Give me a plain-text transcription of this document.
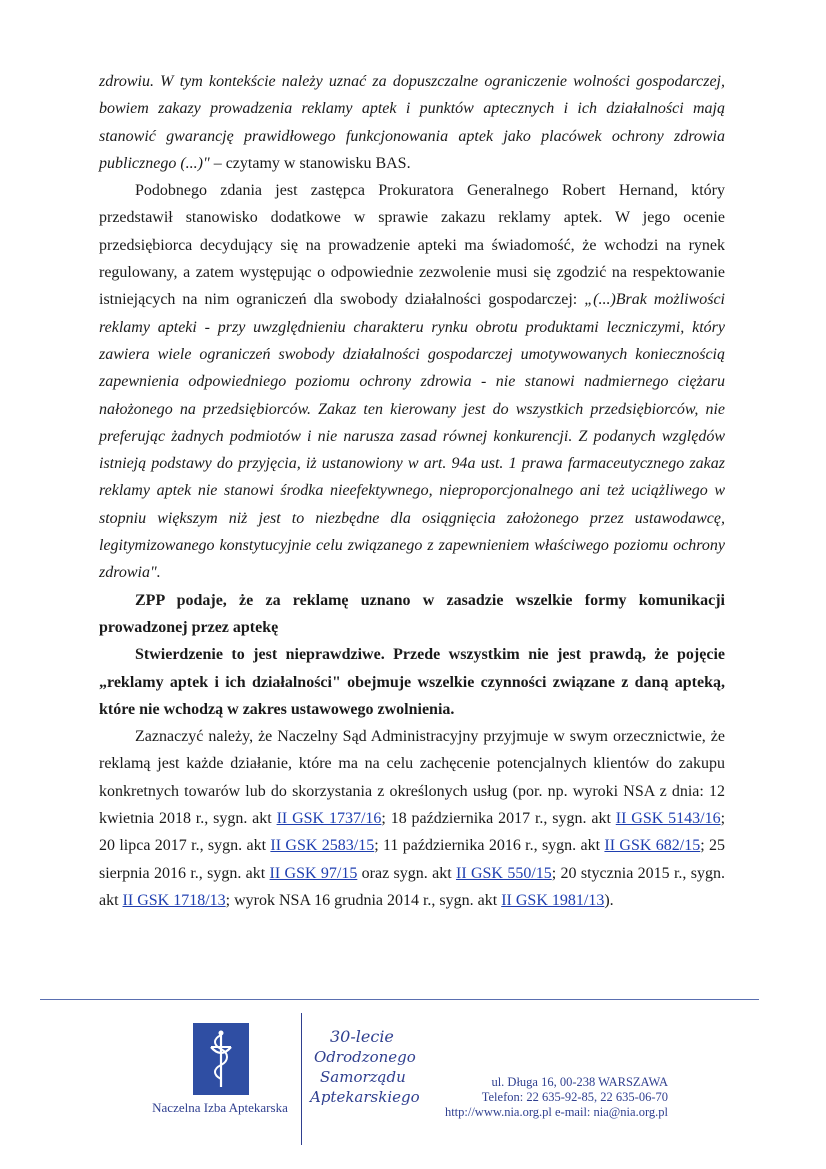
zdrowiu. W tym kontekście należy uznać za dopuszczalne ograniczenie wolności gospodarczej, bowiem zakazy prowadzenia reklamy aptek i punktów aptecznych i ich działalności mają stanowić gwarancję prawidłowego funkcjonowania aptek jako placówek ochrony zdrowia publicznego (...)" – czytamy w stanowisku BAS.

Podobnego zdania jest zastępca Prokuratora Generalnego Robert Hernand, który przedstawił stanowisko dodatkowe w sprawie zakazu reklamy aptek. W jego ocenie przedsiębiorca decydujący się na prowadzenie apteki ma świadomość, że wchodzi na rynek regulowany, a zatem występując o odpowiednie zezwolenie musi się zgodzić na respektowanie istniejących na nim ograniczeń dla swobody działalności gospodarczej: „(...)Brak możliwości reklamy apteki - przy uwzględnieniu charakteru rynku obrotu produktami leczniczymi, który zawiera wiele ograniczeń swobody działalności gospodarczej umotywowanych koniecznością zapewnienia odpowiedniego poziomu ochrony zdrowia - nie stanowi nadmiernego ciężaru nałożonego na przedsiębiorców. Zakaz ten kierowany jest do wszystkich przedsiębiorców, nie preferując żadnych podmiotów i nie narusza zasad równej konkurencji. Z podanych względów istnieją podstawy do przyjęcia, iż ustanowiony w art. 94a ust. 1 prawa farmaceutycznego zakaz reklamy aptek nie stanowi środka nieefektywnego, nieproporcjonalnego ani też uciążliwego w stopniu większym niż jest to niezbędne dla osiągnięcia założonego przez ustawodawcę, legitymizowanego konstytucyjnie celu związanego z zapewnieniem właściwego poziomu ochrony zdrowia".

ZPP podaje, że za reklamę uznano w zasadzie wszelkie formy komunikacji prowadzonej przez aptekę

Stwierdzenie to jest nieprawdziwe. Przede wszystkim nie jest prawdą, że pojęcie „reklamy aptek i ich działalności" obejmuje wszelkie czynności związane z daną apteką, które nie wchodzą w zakres ustawowego zwolnienia.

Zaznaczyć należy, że Naczelny Sąd Administracyjny przyjmuje w swym orzecznictwie, że reklamą jest każde działanie, które ma na celu zachęcenie potencjalnych klientów do zakupu konkretnych towarów lub do skorzystania z określonych usług (por. np. wyroki NSA z dnia: 12 kwietnia 2018 r., sygn. akt II GSK 1737/16; 18 października 2017 r., sygn. akt II GSK 5143/16; 20 lipca 2017 r., sygn. akt II GSK 2583/15; 11 października 2016 r., sygn. akt II GSK 682/15; 25 sierpnia 2016 r., sygn. akt II GSK 97/15 oraz sygn. akt II GSK 550/15; 20 stycznia 2015 r., sygn. akt II GSK 1718/13; wyrok NSA 16 grudnia 2014 r., sygn. akt II GSK 1981/13).

Naczelna Izba Aptekarska
30-lecie
Odrodzonego
Samorządu
Aptekarskiego
ul. Długa 16, 00-238 WARSZAWA
Telefon: 22 635-92-85, 22 635-06-70
http://www.nia.org.pl e-mail: nia@nia.org.pl
